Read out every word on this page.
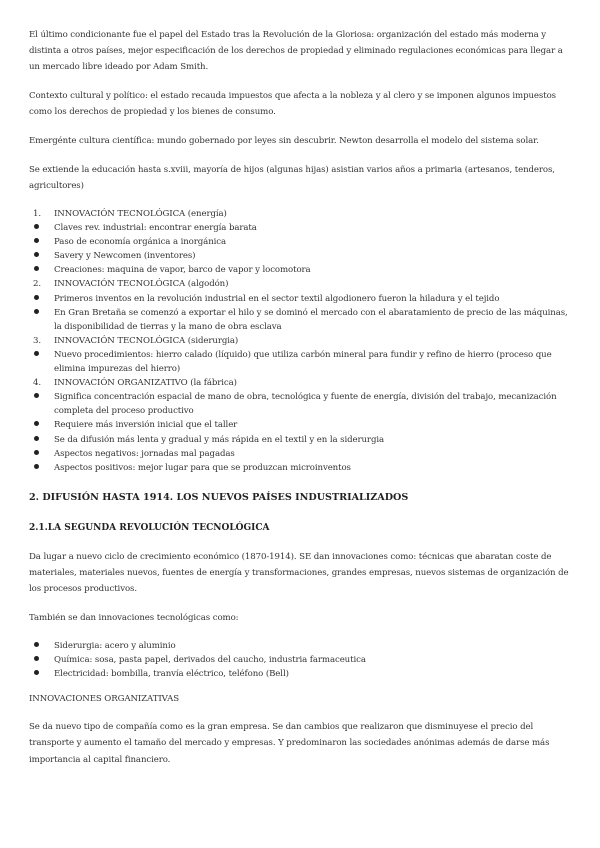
El último condicionante fue el papel del Estado tras la Revolución de la Gloriosa: organización del estado más moderna y distinta a otros países, mejor especificación de los derechos de propiedad y eliminado regulaciones económicas para llegar a un mercado libre ideado por Adam Smith.

Contexto cultural y político: el estado recauda impuestos que afecta a la nobleza y al clero y se imponen algunos impuestos como los derechos de propiedad y los bienes de consumo.

Emergénte cultura científica: mundo gobernado por leyes sin descubrir. Newton desarrolla el modelo del sistema solar.

Se extiende la educación hasta s.xviii, mayoría de hijos (algunas hijas) asistian varios años a primaria (artesanos, tenderos, agricultores)

1. INNOVACIÓN TECNOLÓGICA (energía)
Claves rev. industrial: encontrar energía barata
Paso de economía orgánica a inorgánica
Savery y Newcomen (inventores)
Creaciones: maquina de vapor, barco de vapor y locomotora
2. INNOVACIÓN TECNOLÓGICA (algodón)
Primeros inventos en la revolución industrial en el sector textil algodionero fueron la hiladura y el tejido
En Gran Bretaña se comenzó a exportar el hilo y se dominó el mercado con el abaratamiento de precio de las máquinas, la disponibilidad de tierras y la mano de obra esclava
3. INNOVACIÓN TECNOLÓGICA (siderurgia)
Nuevo procedimientos: hierro calado (líquido) que utiliza carbón mineral para fundir y refino de hierro (proceso que elimina impurezas del hierro)
4. INNOVACIÓN ORGANIZATIVO (la fábrica)
Significa concentración espacial de mano de obra, tecnológica y fuente de energía, división del trabajo, mecanización completa del proceso productivo
Requiere más inversión inicial que el taller
Se da difusión más lenta y gradual y más rápida en el textil y en la siderurgia
Aspectos negativos: jornadas mal pagadas
Aspectos positivos: mejor lugar para que se produzcan microinventos
2. DIFUSIÓN HASTA 1914. LOS NUEVOS PAÍSES INDUSTRIALIZADOS
2.1.LA SEGUNDA REVOLUCIÓN TECNOLÓGICA

Da lugar a nuevo ciclo de crecimiento económico (1870-1914). SE dan innovaciones como: técnicas que abaratan coste de materiales, materiales nuevos, fuentes de energía y transformaciones, grandes empresas, nuevos sistemas de organización de los procesos productivos.

También se dan innovaciones tecnológicas como:

Siderurgia: acero y aluminio
Química: sosa, pasta papel, derivados del caucho, industria farmaceutica
Electricidad: bombilla, tranvía eléctrico, teléfono (Bell)

INNOVACIONES ORGANIZATIVAS

Se da nuevo tipo de compañía como es la gran empresa. Se dan cambios que realizaron que disminuyese el precio del transporte y aumento el tamaño del mercado y empresas. Y predominaron las sociedades anónimas además de darse más importancia al capital financiero.
